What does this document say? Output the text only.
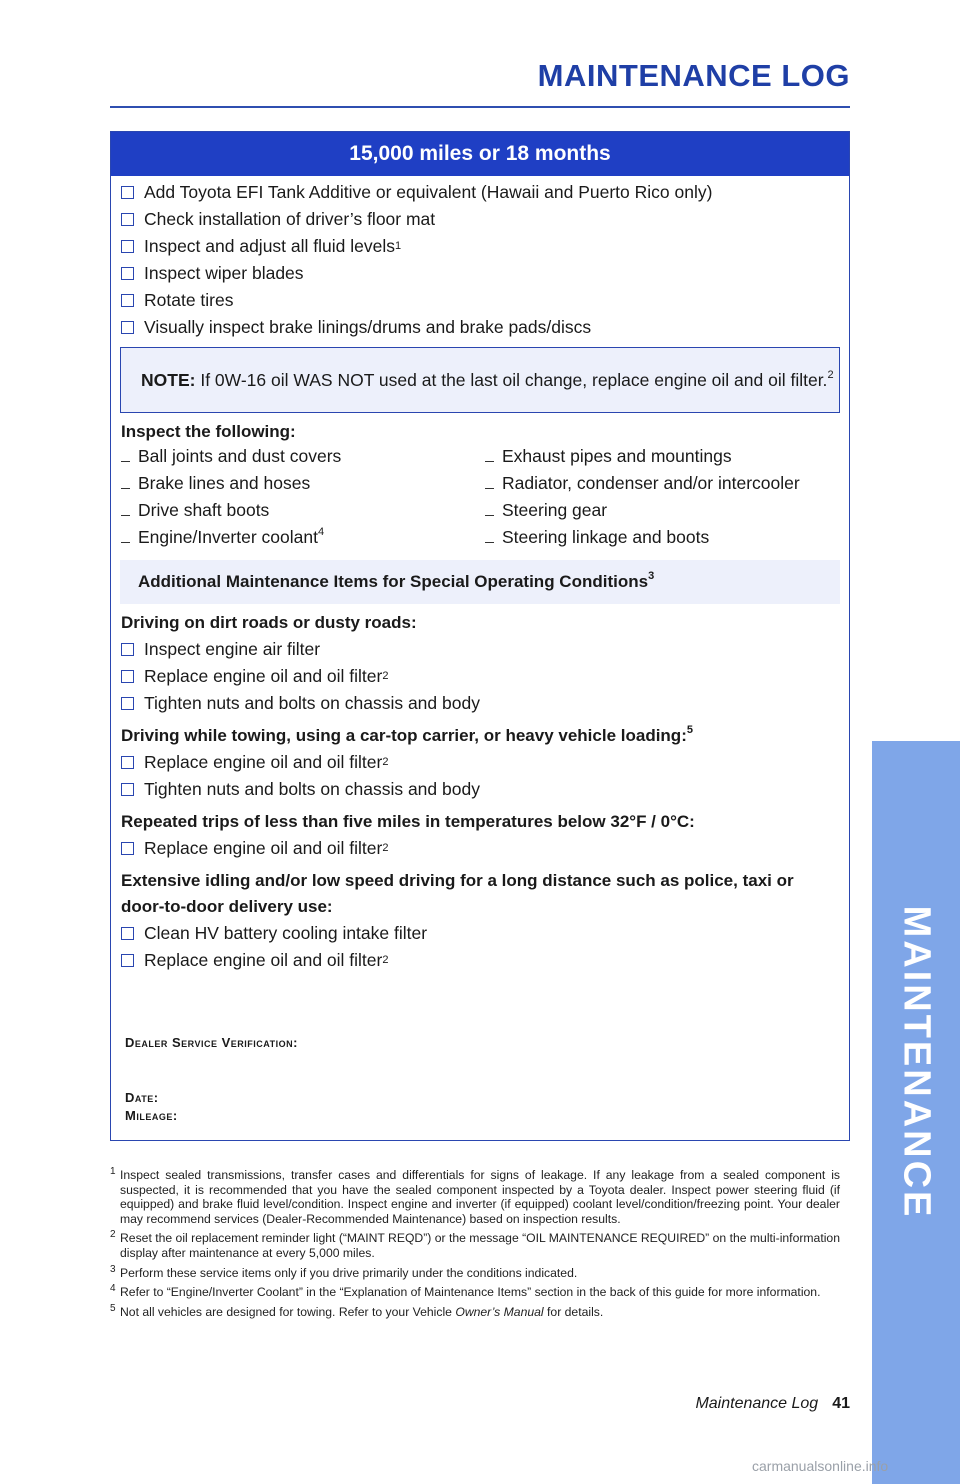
MAINTENANCE LOG
MAINTENANCE
15,000 miles or 18 months
Add Toyota EFI Tank Additive or equivalent (Hawaii and Puerto Rico only)
Check installation of driver’s floor mat
Inspect and adjust all fluid levels$^1$
Inspect wiper blades
Rotate tires
Visually inspect brake linings/drums and brake pads/discs
NOTE: If 0W-16 oil WAS NOT used at the last oil change, replace engine oil and oil filter.$^2$
Inspect the following:
Ball joints and dust covers
Brake lines and hoses
Drive shaft boots
Engine/Inverter coolant$^4$
Exhaust pipes and mountings
Radiator, condenser and/or intercooler
Steering gear
Steering linkage and boots
Additional Maintenance Items for Special Operating Conditions$^3$
Driving on dirt roads or dusty roads:
Inspect engine air filter
Replace engine oil and oil filter$^2$
Tighten nuts and bolts on chassis and body
Driving while towing, using a car-top carrier, or heavy vehicle loading:$^5$
Replace engine oil and oil filter$^2$
Tighten nuts and bolts on chassis and body
Repeated trips of less than five miles in temperatures below 32°F / 0°C:
Replace engine oil and oil filter$^2$
Extensive idling and/or low speed driving for a long distance such as police, taxi or door-to-door delivery use:
Clean HV battery cooling intake filter
Replace engine oil and oil filter$^2$
Dealer Service Verification:
Date:
Mileage:
1 Inspect sealed transmissions, transfer cases and differentials for signs of leakage. If any leakage from a sealed component is suspected, it is recommended that you have the sealed component inspected by a Toyota dealer. Inspect power steering fluid (if equipped) and brake fluid level/condition. Inspect engine and inverter (if equipped) coolant level/condition/freezing point. Your dealer may recommend services (Dealer-Recommended Maintenance) based on inspection results.
2 Reset the oil replacement reminder light (“MAINT REQD”) or the message “OIL MAINTENANCE REQUIRED” on the multi-information display after maintenance at every 5,000 miles.
3 Perform these service items only if you drive primarily under the conditions indicated.
4 Refer to “Engine/Inverter Coolant” in the “Explanation of Maintenance Items” section in the back of this guide for more information.
5 Not all vehicles are designed for towing. Refer to your Vehicle Owner’s Manual for details.
Maintenance Log 41
carmanualsonline.info
